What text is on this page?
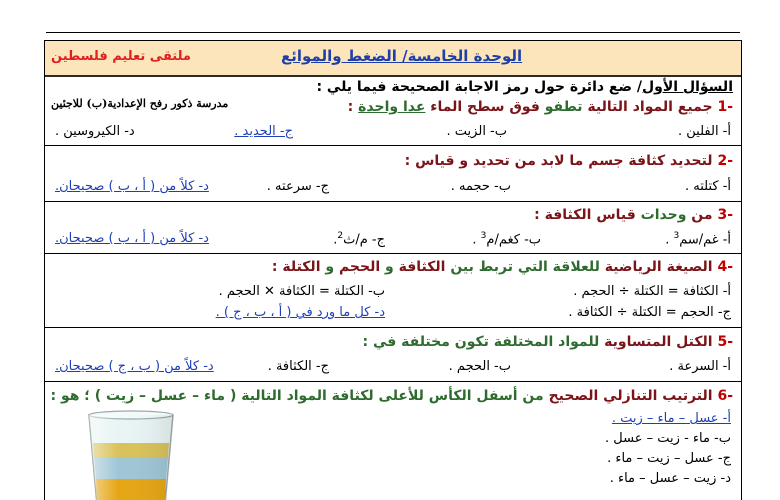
الوحدة الخامسة/ الضغط والموائع
ملتقى تعليم فلسطين
السؤال الأول/ ضع دائرة حول رمز الاجابة الصحيحة فيما يلي :
مدرسة ذكور رفح الإعدادية(ب) للاجئين	-1 جميع المواد التالية تطفو فوق سطح الماء عدا واحدة :
أ- الفلين .
ب- الزيت .
ج- الحديد .
د- الكيروسين .
-2 لتحديد كثافة جسم ما لابد من تحديد و قياس :
أ- كتلته .
ب- حجمه .
ج- سرعته .
د- كلاً من ( أ ، ب ) صحيحان.
-3 من وحدات قياس الكثافة :
أ- غم/سم$^3$ .
ب- كغم/م$^3$ .
ج- م/ث$^2$.
د- كلاً من ( أ ، ب ) صحيحان.
-4 الصيغة الرياضية للعلاقة التي تربط بين الكثافة و الحجم و الكتلة :
أ- الكثافة = الكتلة ÷ الحجم .
ب- الكتلة = الكثافة ✕ الحجم .
ج- الحجم = الكتلة ÷ الكثافة .
د- كل ما ورد في ( أ ، ب ، ج ) .
-5 الكتل المتساوية للمواد المختلفة تكون مختلفة في :
أ- السرعة .
ب- الحجم .
ج- الكثافة .
د- كلاً من ( ب ، ج ) صحيحان.
-6 الترتيب التنازلي الصحيح من أسفل الكأس للأعلى لكثافة المواد التالية ( ماء – عسل – زيت ) ؛ هو :
أ- عسل – ماء – زيت .
ب- ماء - زيت – عسل .
ج- عسل – زيت – ماء .
د- زيت – عسل – ماء .
